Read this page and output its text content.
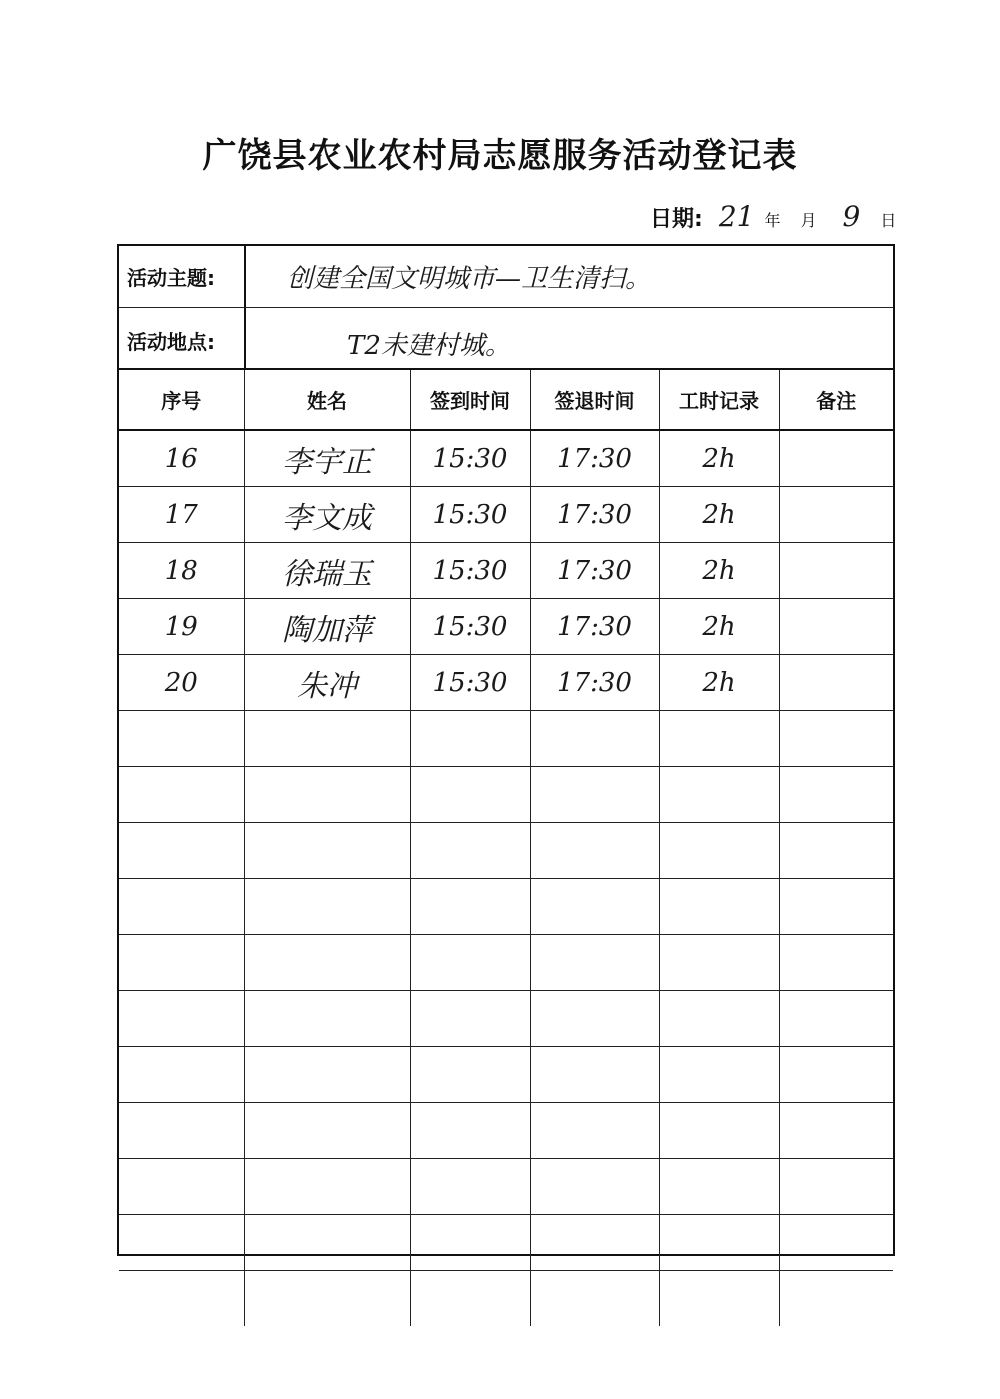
广饶县农业农村局志愿服务活动登记表
日期: 21 年 月 9 日
活动主题:	创建全国文明城市—卫生清扫。
活动地点:	T2未建村城。
序号	姓名	签到时间	签退时间	工时记录	备注
16	李宇正	15:30	17:30	2h	
17	李文成	15:30	17:30	2h	
18	徐瑞玉	15:30	17:30	2h	
19	陶加萍	15:30	17:30	2h	
20	朱冲	15:30	17:30	2h	
